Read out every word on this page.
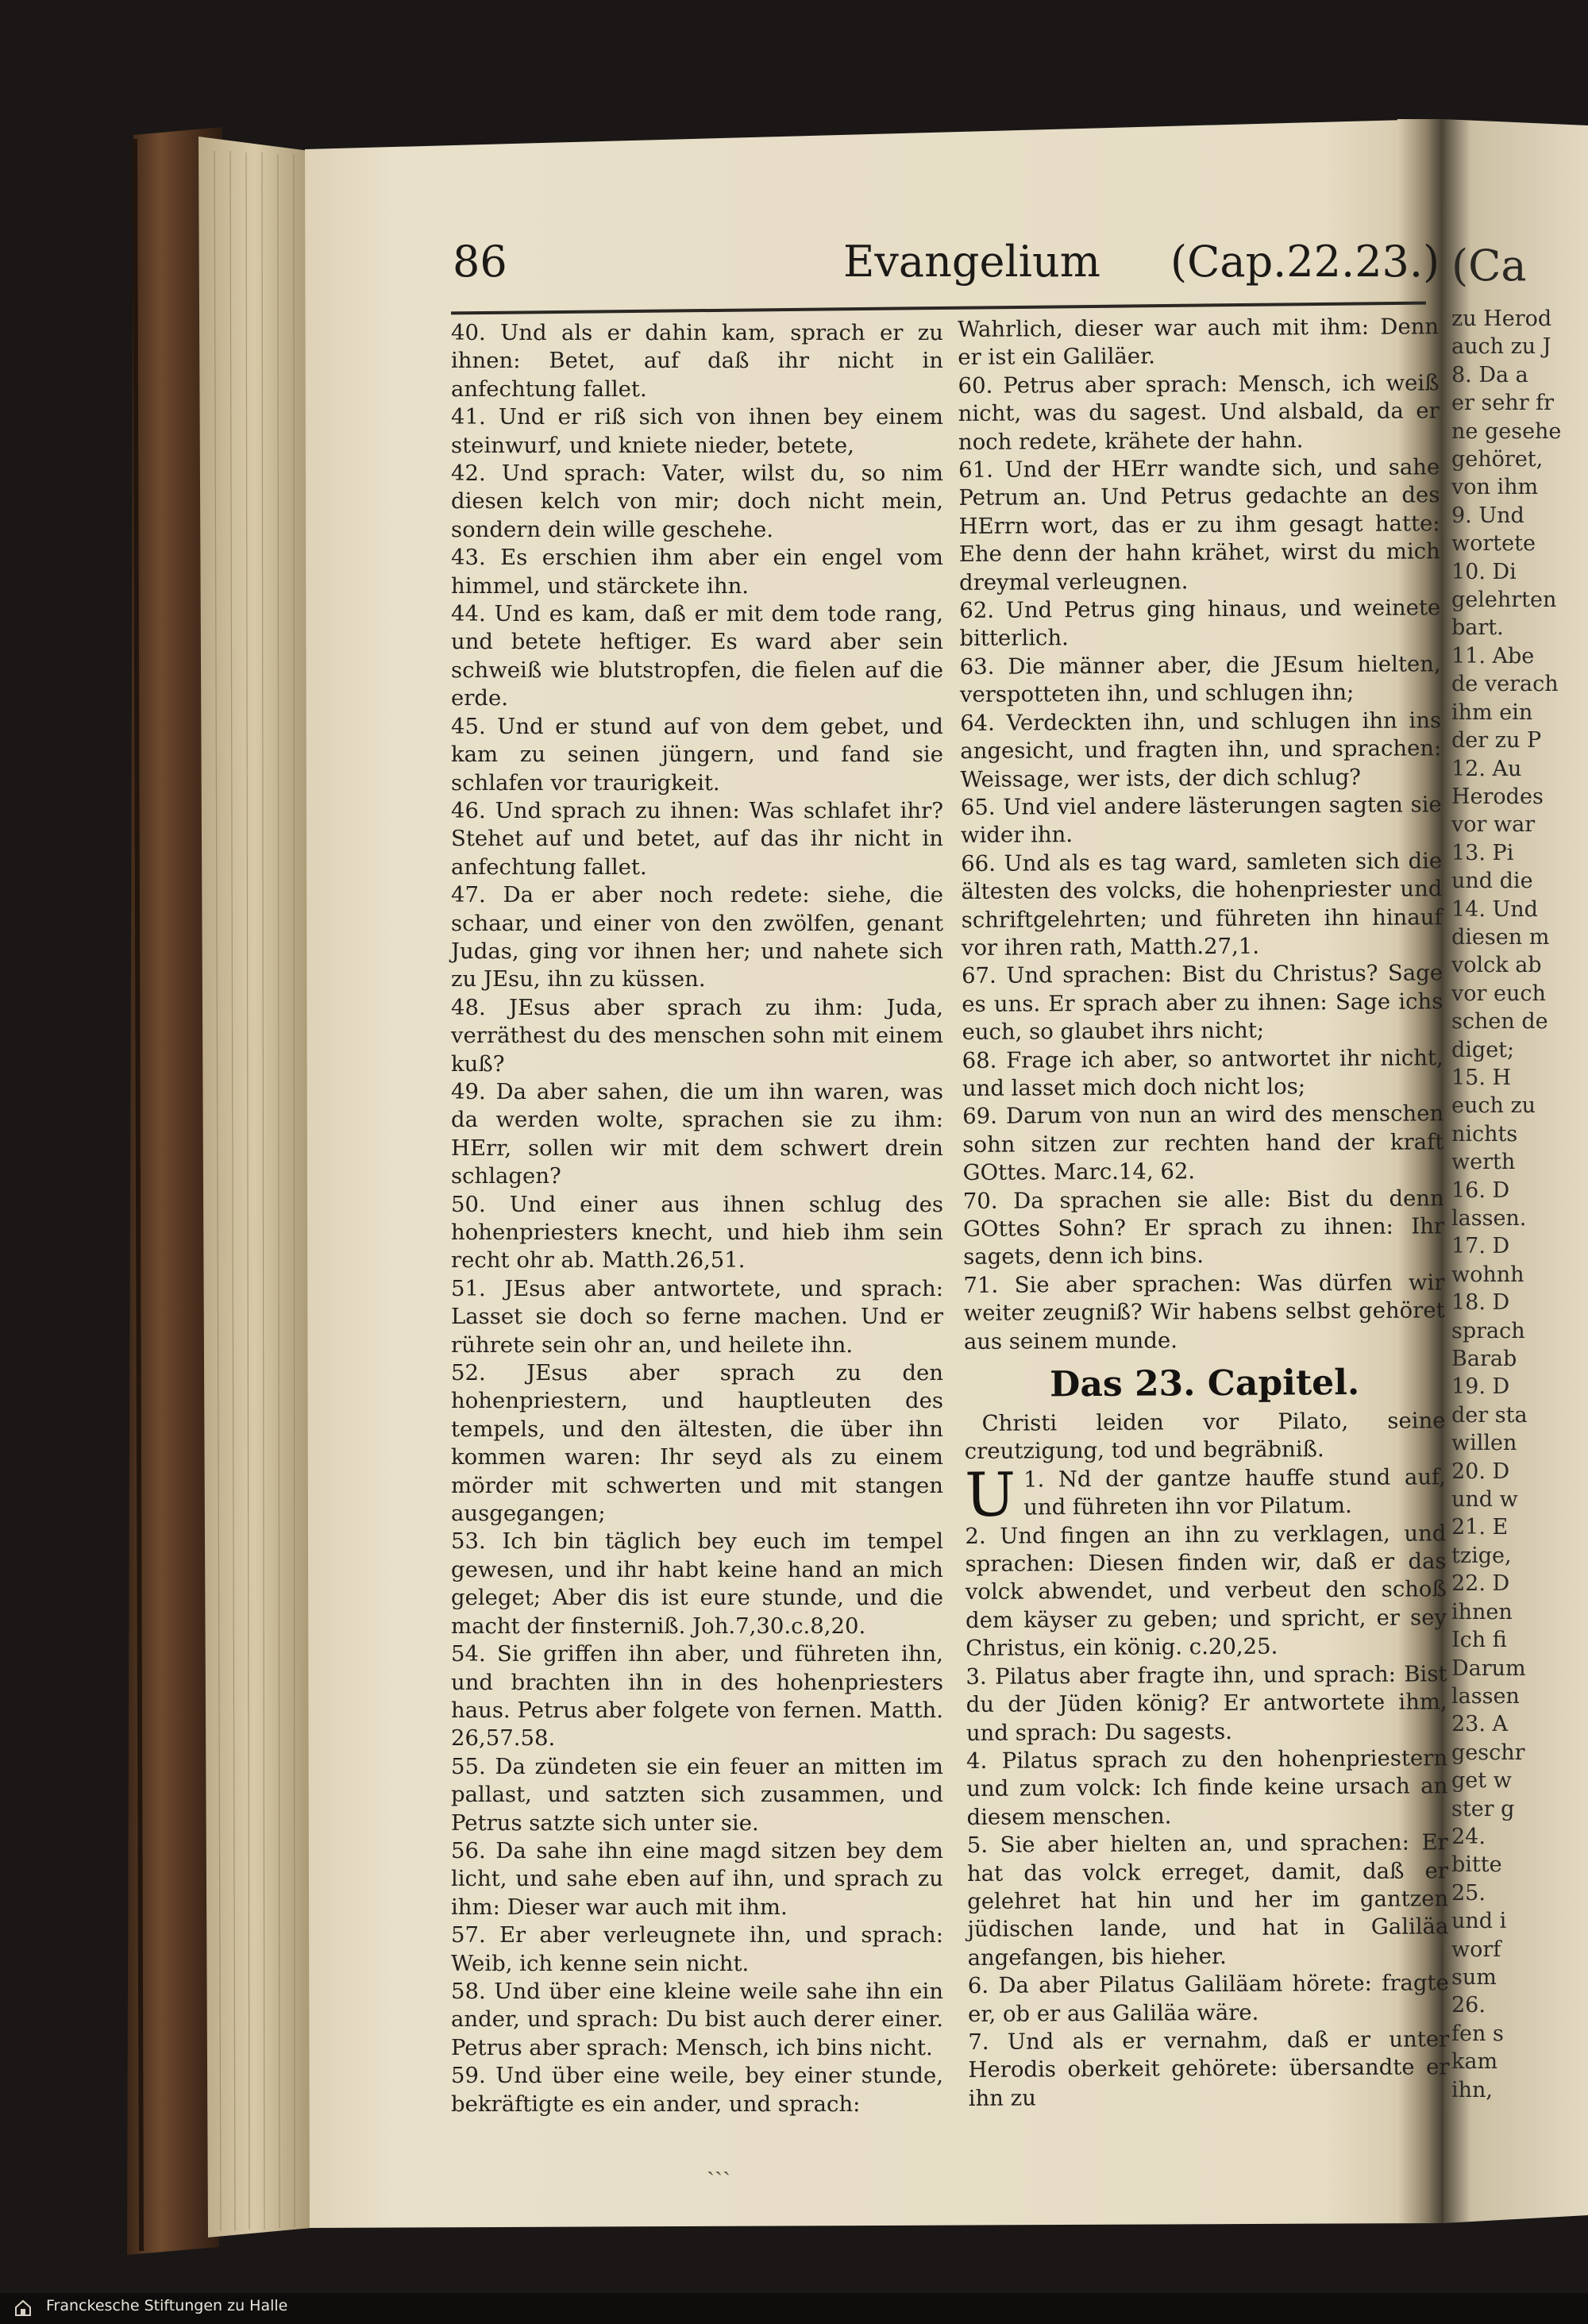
86	Evangelium (Cap.22.23.)

40. Und als er dahin kam, sprach er zu ihnen: Betet, auf daß ihr nicht in anfechtung fallet.

41. Und er riß sich von ihnen bey einem steinwurf, und kniete nieder, betete,

42. Und sprach: Vater, wilst du, so nim diesen kelch von mir; doch nicht mein, sondern dein wille geschehe.

43. Es erschien ihm aber ein engel vom himmel, und stärckete ihn.

44. Und es kam, daß er mit dem tode rang, und betete heftiger. Es ward aber sein schweiß wie blutstropfen, die fielen auf die erde.

45. Und er stund auf von dem gebet, und kam zu seinen jüngern, und fand sie schlafen vor traurigkeit.

46. Und sprach zu ihnen: Was schlafet ihr? Stehet auf und betet, auf das ihr nicht in anfechtung fallet.

47. Da er aber noch redete: siehe, die schaar, und einer von den zwölfen, genant Judas, ging vor ihnen her; und nahete sich zu JEsu, ihn zu küssen.

48. JEsus aber sprach zu ihm: Juda, verräthest du des menschen sohn mit einem kuß?

49. Da aber sahen, die um ihn waren, was da werden wolte, sprachen sie zu ihm: HErr, sollen wir mit dem schwert drein schlagen?

50. Und einer aus ihnen schlug des hohenpriesters knecht, und hieb ihm sein recht ohr ab. Matth.26,51.

51. JEsus aber antwortete, und sprach: Lasset sie doch so ferne machen. Und er rührete sein ohr an, und heilete ihn.

52. JEsus aber sprach zu den hohenpriestern, und hauptleuten des tempels, und den ältesten, die über ihn kommen waren: Ihr seyd als zu einem mörder mit schwerten und mit stangen ausgegangen;

53. Ich bin täglich bey euch im tempel gewesen, und ihr habt keine hand an mich geleget; Aber dis ist eure stunde, und die macht der finsterniß. Joh.7,30.c.8,20.

54. Sie griffen ihn aber, und führeten ihn, und brachten ihn in des hohenpriesters haus. Petrus aber folgete von fernen. Matth. 26,57.58.

55. Da zündeten sie ein feuer an mitten im pallast, und satzten sich zusammen, und Petrus satzte sich unter sie.

56. Da sahe ihn eine magd sitzen bey dem licht, und sahe eben auf ihn, und sprach zu ihm: Dieser war auch mit ihm.

57. Er aber verleugnete ihn, und sprach: Weib, ich kenne sein nicht.

58. Und über eine kleine weile sahe ihn ein ander, und sprach: Du bist auch derer einer. Petrus aber sprach: Mensch, ich bins nicht.

59. Und über eine weile, bey einer stunde, bekräftigte es ein ander, und sprach:

Wahrlich, dieser war auch mit ihm: Denn er ist ein Galiläer.

60. Petrus aber sprach: Mensch, ich weiß nicht, was du sagest. Und alsbald, da er noch redete, krähete der hahn.

61. Und der HErr wandte sich, und sahe Petrum an. Und Petrus gedachte an des HErrn wort, das er zu ihm gesagt hatte: Ehe denn der hahn krähet, wirst du mich dreymal verleugnen.

62. Und Petrus ging hinaus, und weinete bitterlich.

63. Die männer aber, die JEsum hielten, verspotteten ihn, und schlugen ihn;

64. Verdeckten ihn, und schlugen ihn ins angesicht, und fragten ihn, und sprachen: Weissage, wer ists, der dich schlug?

65. Und viel andere lästerungen sagten sie wider ihn.

66. Und als es tag ward, samleten sich die ältesten des volcks, die hohenpriester und schriftgelehrten; und führeten ihn hinauf vor ihren rath, Matth.27,1.

67. Und sprachen: Bist du Christus? Sage es uns. Er sprach aber zu ihnen: Sage ichs euch, so glaubet ihrs nicht;

68. Frage ich aber, so antwortet ihr nicht, und lasset mich doch nicht los;

69. Darum von nun an wird des menschen sohn sitzen zur rechten hand der kraft GOttes. Marc.14, 62.

70. Da sprachen sie alle: Bist du denn GOttes Sohn? Er sprach zu ihnen: Ihr sagets, denn ich bins.

71. Sie aber sprachen: Was dürfen wir weiter zeugniß? Wir habens selbst gehöret aus seinem munde.

Das 23. Capitel.

Christi leiden vor Pilato, seine creutzigung, tod und begräbniß.

1.
U Nd der gantze hauffe stund auf, und führeten ihn vor Pilatum.

2. Und fingen an ihn zu verklagen, und sprachen: Diesen finden wir, daß er das volck abwendet, und verbeut den schoß dem käyser zu geben; und spricht, er sey Christus, ein könig. c.20,25.

3. Pilatus aber fragte ihn, und sprach: Bist du der Jüden könig? Er antwortete ihm, und sprach: Du sagests.

4. Pilatus sprach zu den hohenpriestern und zum volck: Ich finde keine ursach an diesem menschen.

5. Sie aber hielten an, und sprachen: Er hat das volck erreget, damit, daß er gelehret hat hin und her im gantzen jüdischen lande, und hat in Galiläa angefangen, bis hieher.

6. Da aber Pilatus Galiläam hörete: fragte er, ob er aus Galiläa wäre.

7. Und als er vernahm, daß er unter Herodis oberkeit gehörete: übersandte er ihn zu

(Ca
zu Herod
auch zu J
8. Da a
er sehr fr
ne gesehe
gehöret,
von ihm
9. Und
wortete
10. Di
gelehrten
bart.
11. Abe
de verach
ihm ein
der zu P
12. Au
Herodes
vor war
13. Pi
und die
14. Und
diesen m
volck ab
vor euch
schen de
diget;
15. H
euch zu
nichts
werth
16. D
lassen.
17. D
wohnh
18. D
sprach
Barab
19. D
der sta
willen
20. D
und w
21. E
tzige,
22. D
ihnen
Ich fi
Darum
lassen
23. A
geschr
get w
ster g
24.
bitte
25.
und i
worf
sum
26.
fen s
kam
ihn,
ˏˏˏ
Franckesche Stiftungen zu Halle
